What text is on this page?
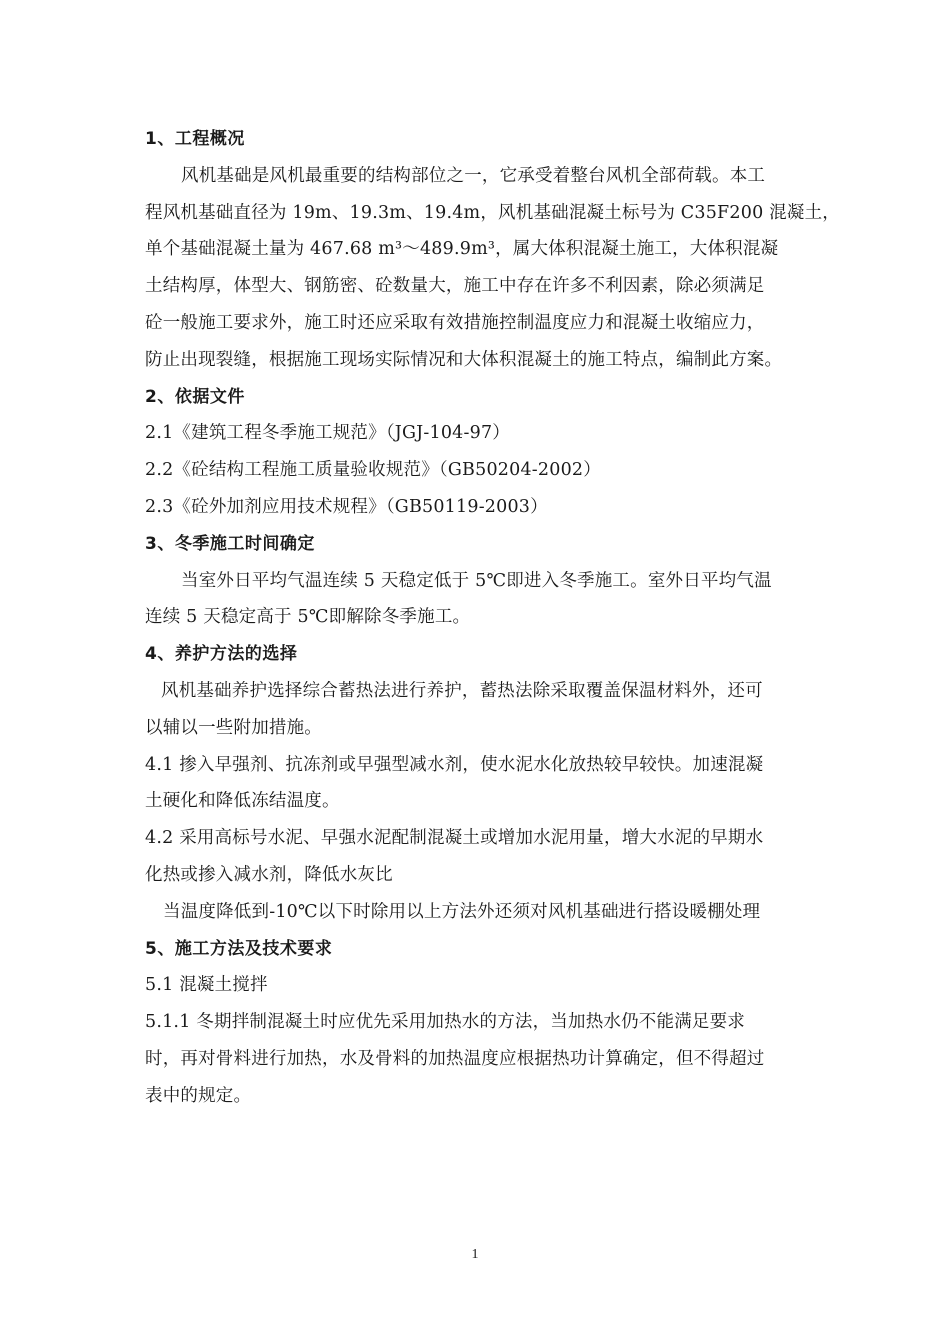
1、工程概况
风机基础是风机最重要的结构部位之一，它承受着整台风机全部荷载。本工
程风机基础直径为 19m、19.3m、19.4m，风机基础混凝土标号为 C35F200 混凝土，
单个基础混凝土量为 467.68 m³～489.9m³，属大体积混凝土施工，大体积混凝
土结构厚，体型大、钢筋密、砼数量大，施工中存在许多不利因素，除必须满足
砼一般施工要求外，施工时还应采取有效措施控制温度应力和混凝土收缩应力，
防止出现裂缝，根据施工现场实际情况和大体积混凝土的施工特点，编制此方案。
2、依据文件
2.1《建筑工程冬季施工规范》（JGJ-104-97）
2.2《砼结构工程施工质量验收规范》（GB50204-2002）
2.3《砼外加剂应用技术规程》（GB50119-2003）
3、冬季施工时间确定
当室外日平均气温连续 5 天稳定低于 5℃即进入冬季施工。室外日平均气温
连续 5 天稳定高于 5℃即解除冬季施工。
4、养护方法的选择
风机基础养护选择综合蓄热法进行养护，蓄热法除采取覆盖保温材料外，还可
以辅以一些附加措施。
4.1 掺入早强剂、抗冻剂或早强型减水剂，使水泥水化放热较早较快。加速混凝
土硬化和降低冻结温度。
4.2 采用高标号水泥、早强水泥配制混凝土或增加水泥用量，增大水泥的早期水
化热或掺入减水剂，降低水灰比
当温度降低到-10℃以下时除用以上方法外还须对风机基础进行搭设暖棚处理
5、施工方法及技术要求
5.1 混凝土搅拌
5.1.1 冬期拌制混凝土时应优先采用加热水的方法，当加热水仍不能满足要求
时，再对骨料进行加热，水及骨料的加热温度应根据热功计算确定，但不得超过
表中的规定。
1
